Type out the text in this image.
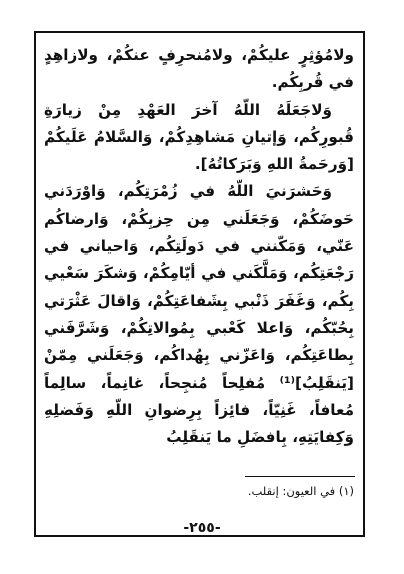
ولامُؤثِرٍ عليكُمْ، ولامُنحرِفٍ عنكُمْ، ولازاهِدٍ في قُربِكُم.

وَلاجَعَلَهُ اللّهُ آخرَ العَهْدِ مِنْ زيارَةِ قُبورِكُم، وَإتيانِ مَشاهِدِكُمْ، وَالسَّلامُ عَلَيكُمْ [وَرحَمةُ اللهِ وَبَرَكاتُهُ].

وَحَشرَنيَ اللّهُ في زُمْرَتِكُم، وَاوْرَدَني حَوضَكُمْ، وَجَعَلَني مِن حِزبِكُمْ، وَارضاكُم عَنّي، وَمَكّنني في دَولَتِكُم، وَاحياني في رَجْعَتِكُم، وَمَلَّكَني في أيّامِكُمْ، وَشكَرَ سَعْيي بِكُم، وَغَفَرَ ذَنْبي بِشَفاعَتِكُمْ، وَاقالَ عَثْرَتي بِحُبّكُم، وَاعلا كَعْبي بِمُوالاتِكُمْ، وَشَرَّفَني بِطاعَتِكُم، وَاعَزّني بِهُداكُم، وَجَعَلَني مِمّنْ [يَنقَلِبُ]⁽¹⁾ مُفلِحاً مُنجِحاً، غانِماً، سالِماً مُعافاً، غَنِيّاً، فائِزاً بِرِضوانِ اللّهِ وَفَضلِهِ وَكِفايَتِهِ، بِافضَلِ ما يَنقَلِبُ

(١) في العيون: إنقلب.
-٢٥٥-
